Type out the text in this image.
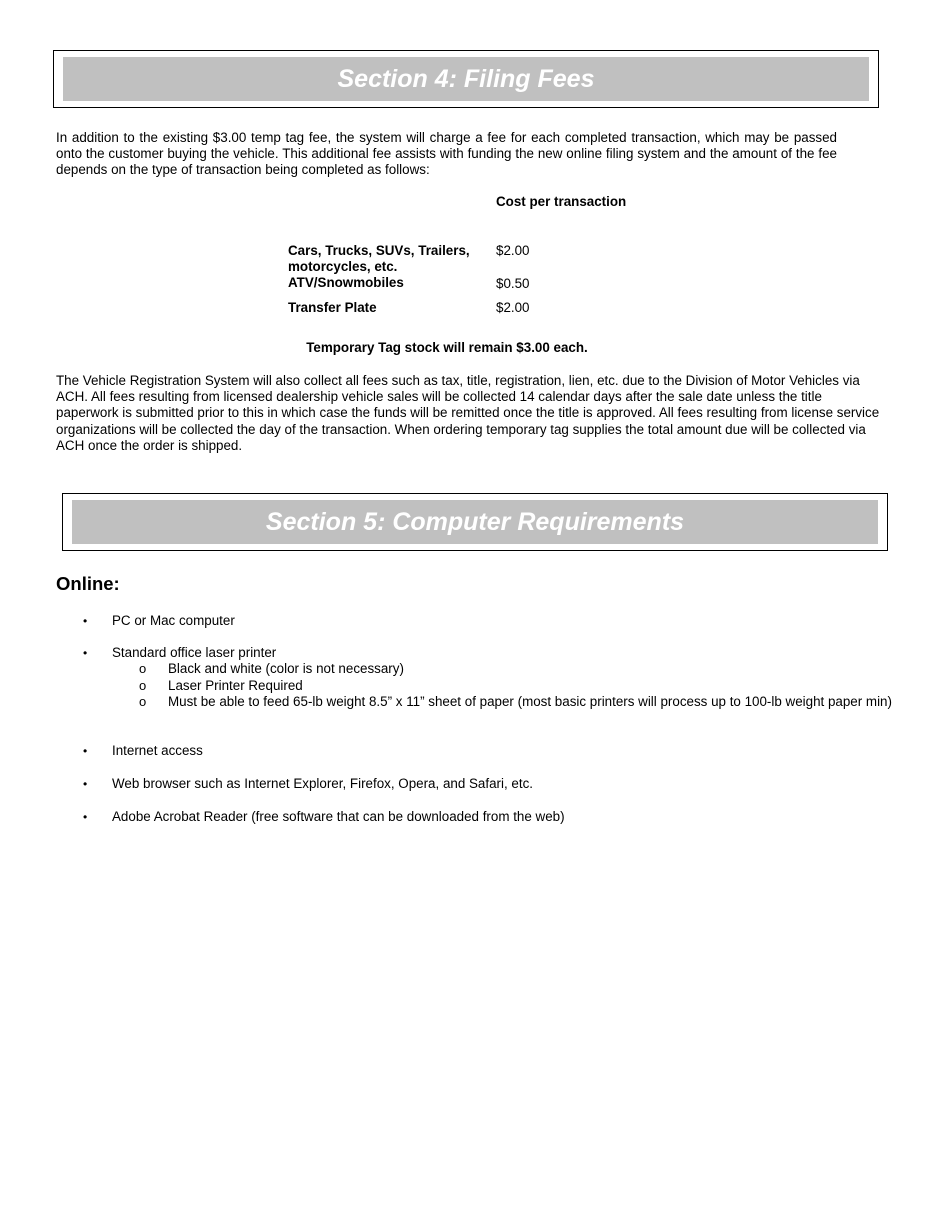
Section 4: Filing Fees

In addition to the existing $3.00 temp tag fee, the system will charge a fee for each completed transaction, which may be passed onto the customer buying the vehicle. This additional fee assists with funding the new online filing system and the amount of the fee depends on the type of transaction being completed as follows:

Cost per transaction
Cars, Trucks, SUVs, Trailers, motorcycles, etc.
$2.00
ATV/Snowmobiles	$0.50
Transfer Plate	$2.00
Temporary Tag stock will remain $3.00 each.

The Vehicle Registration System will also collect all fees such as tax, title, registration, lien, etc. due to the Division of Motor Vehicles via ACH. All fees resulting from licensed dealership vehicle sales will be collected 14 calendar days after the sale date unless the title paperwork is submitted prior to this in which case the funds will be remitted once the title is approved. All fees resulting from license service organizations will be collected the day of the transaction. When ordering temporary tag supplies the total amount due will be collected via ACH once the order is shipped.

Section 5: Computer Requirements
Online:
• PC or Mac computer
• Standard office laser printer
o Black and white (color is not necessary)
o Laser Printer Required
o Must be able to feed 65-lb weight 8.5” x 11” sheet of paper (most basic printers will process up to 100-lb weight paper min)
• Internet access
• Web browser such as Internet Explorer, Firefox, Opera, and Safari, etc.
• Adobe Acrobat Reader (free software that can be downloaded from the web)
